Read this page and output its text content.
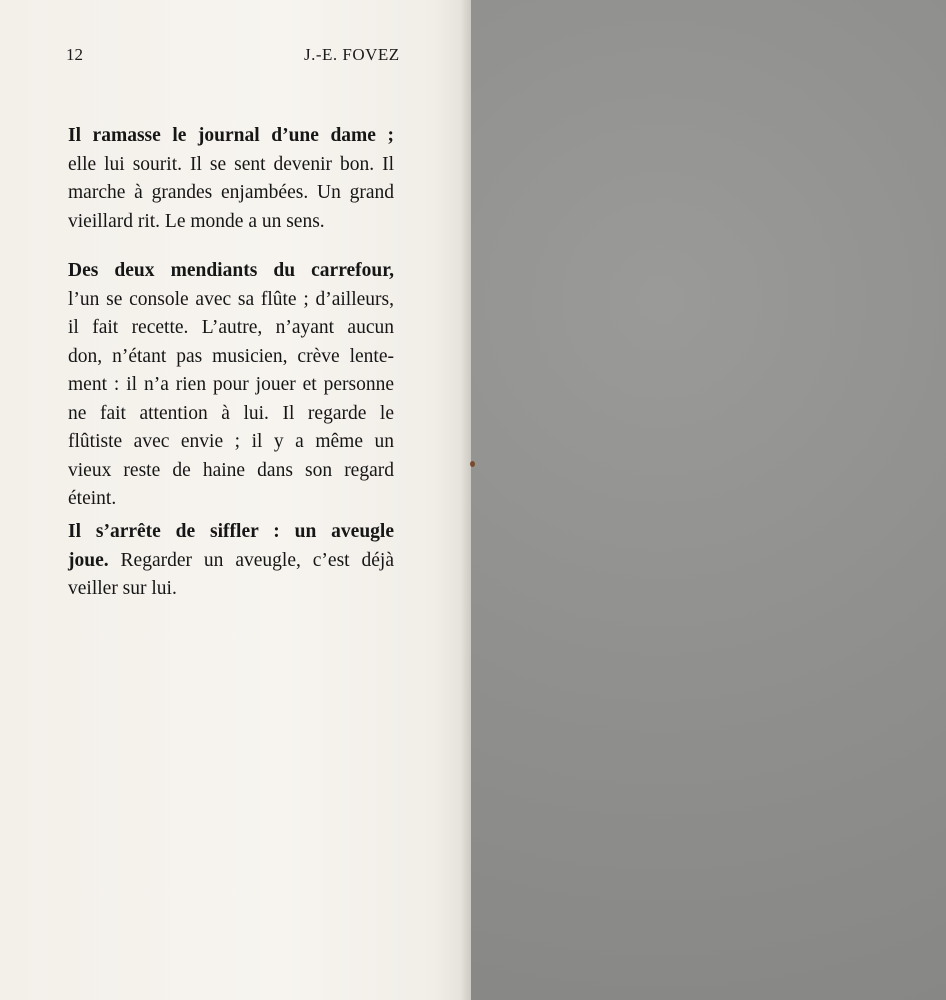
12	J.-E. FOVEZ
Il ramasse le journal d’une dame ;
elle lui sourit. Il se sent devenir bon. Il
marche à grandes enjambées. Un grand
vieillard rit. Le monde a un sens.
Des deux mendiants du carrefour,
l’un se console avec sa flûte ; d’ailleurs,
il fait recette. L’autre, n’ayant aucun
don, n’étant pas musicien, crève lente-
ment : il n’a rien pour jouer et personne
ne fait attention à lui. Il regarde le
flûtiste avec envie ; il y a même un
vieux reste de haine dans son regard
éteint.
Il s’arrête de siffler : un aveugle
joue. Regarder un aveugle, c’est déjà
veiller sur lui.
